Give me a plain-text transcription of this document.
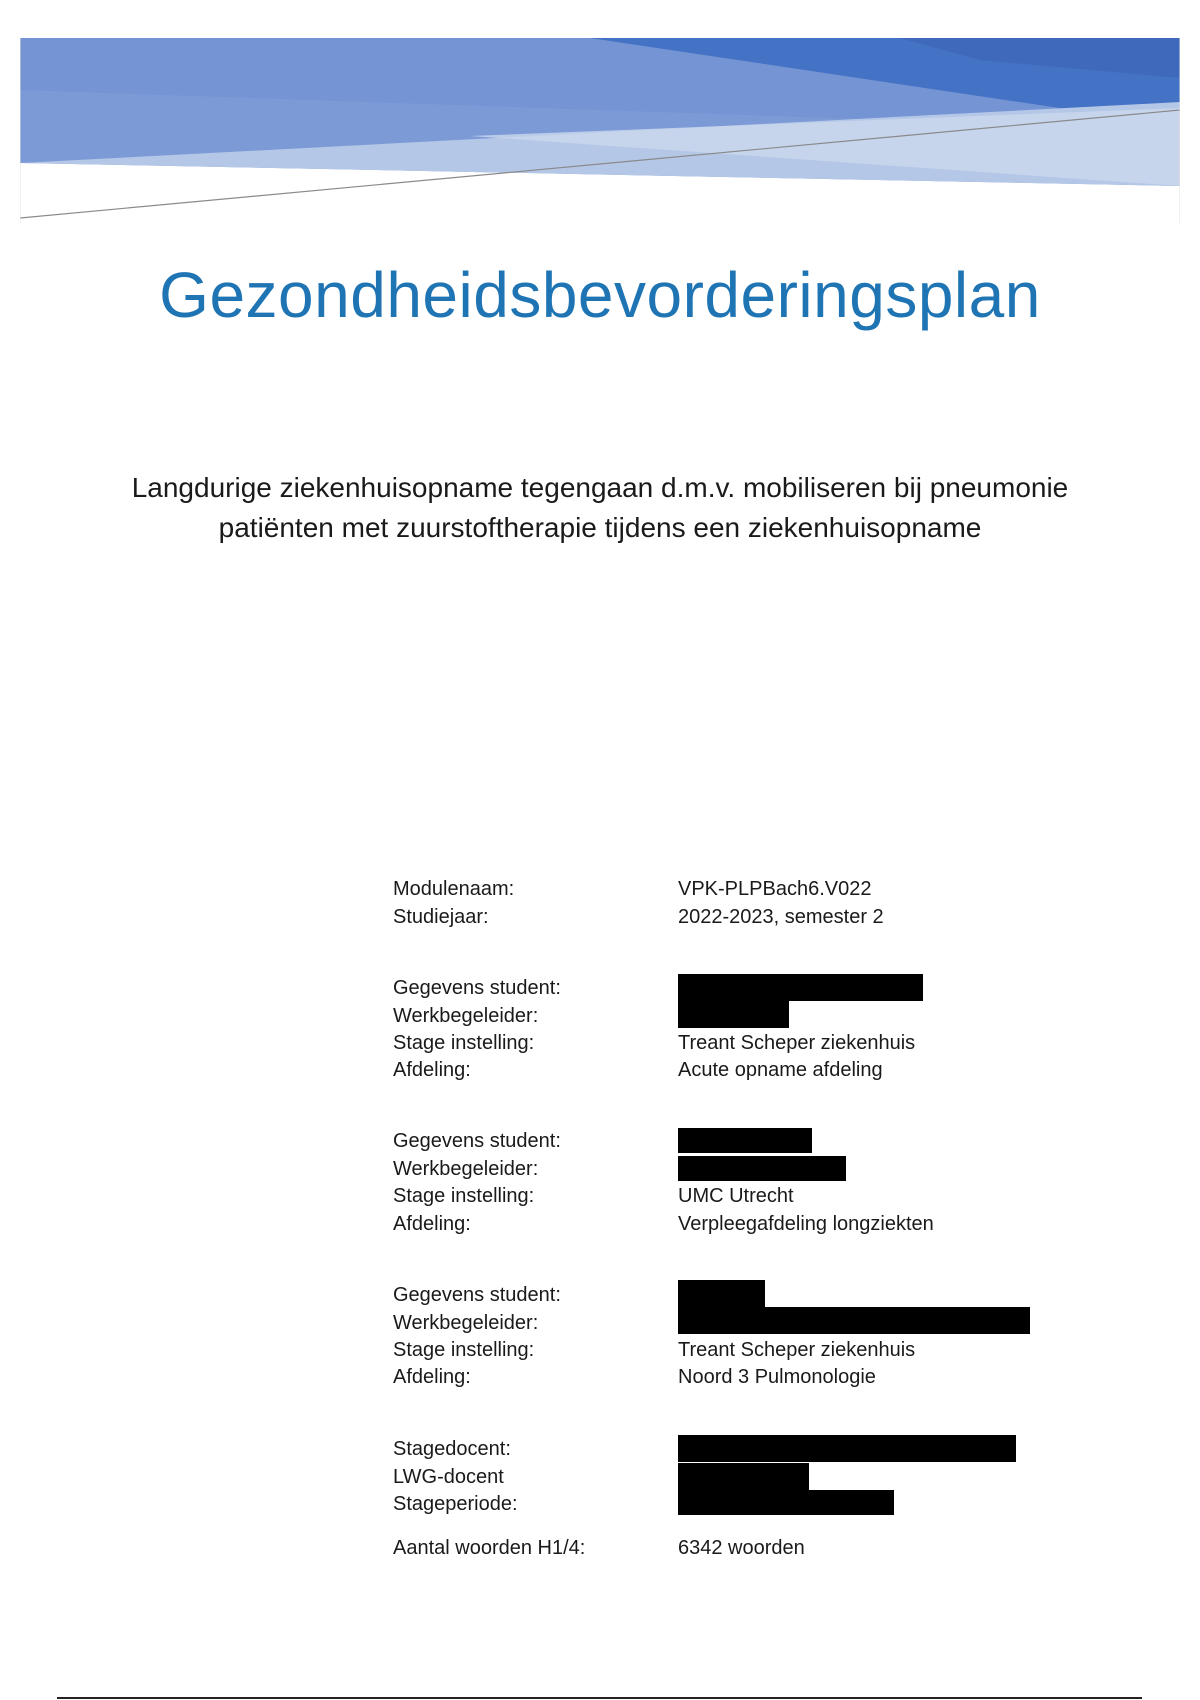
Gezondheidsbevorderingsplan
Langdurige ziekenhuisopname tegengaan d.m.v. mobiliseren bij pneumonie
patiënten met zuurstoftherapie tijdens een ziekenhuisopname
Modulenaam:	VPK-PLPBach6.V022
Studiejaar:	2022-2023, semester 2
Gegevens student:
Werkbegeleider:
Stage instelling:	Treant Scheper ziekenhuis
Afdeling:	Acute opname afdeling
Gegevens student:
Werkbegeleider:
Stage instelling:	UMC Utrecht
Afdeling:	Verpleegafdeling longziekten
Gegevens student:
Werkbegeleider:
Stage instelling:	Treant Scheper ziekenhuis
Afdeling:	Noord 3 Pulmonologie
Stagedocent:
LWG-docent
Stageperiode:
Aantal woorden H1/4:	6342 woorden
